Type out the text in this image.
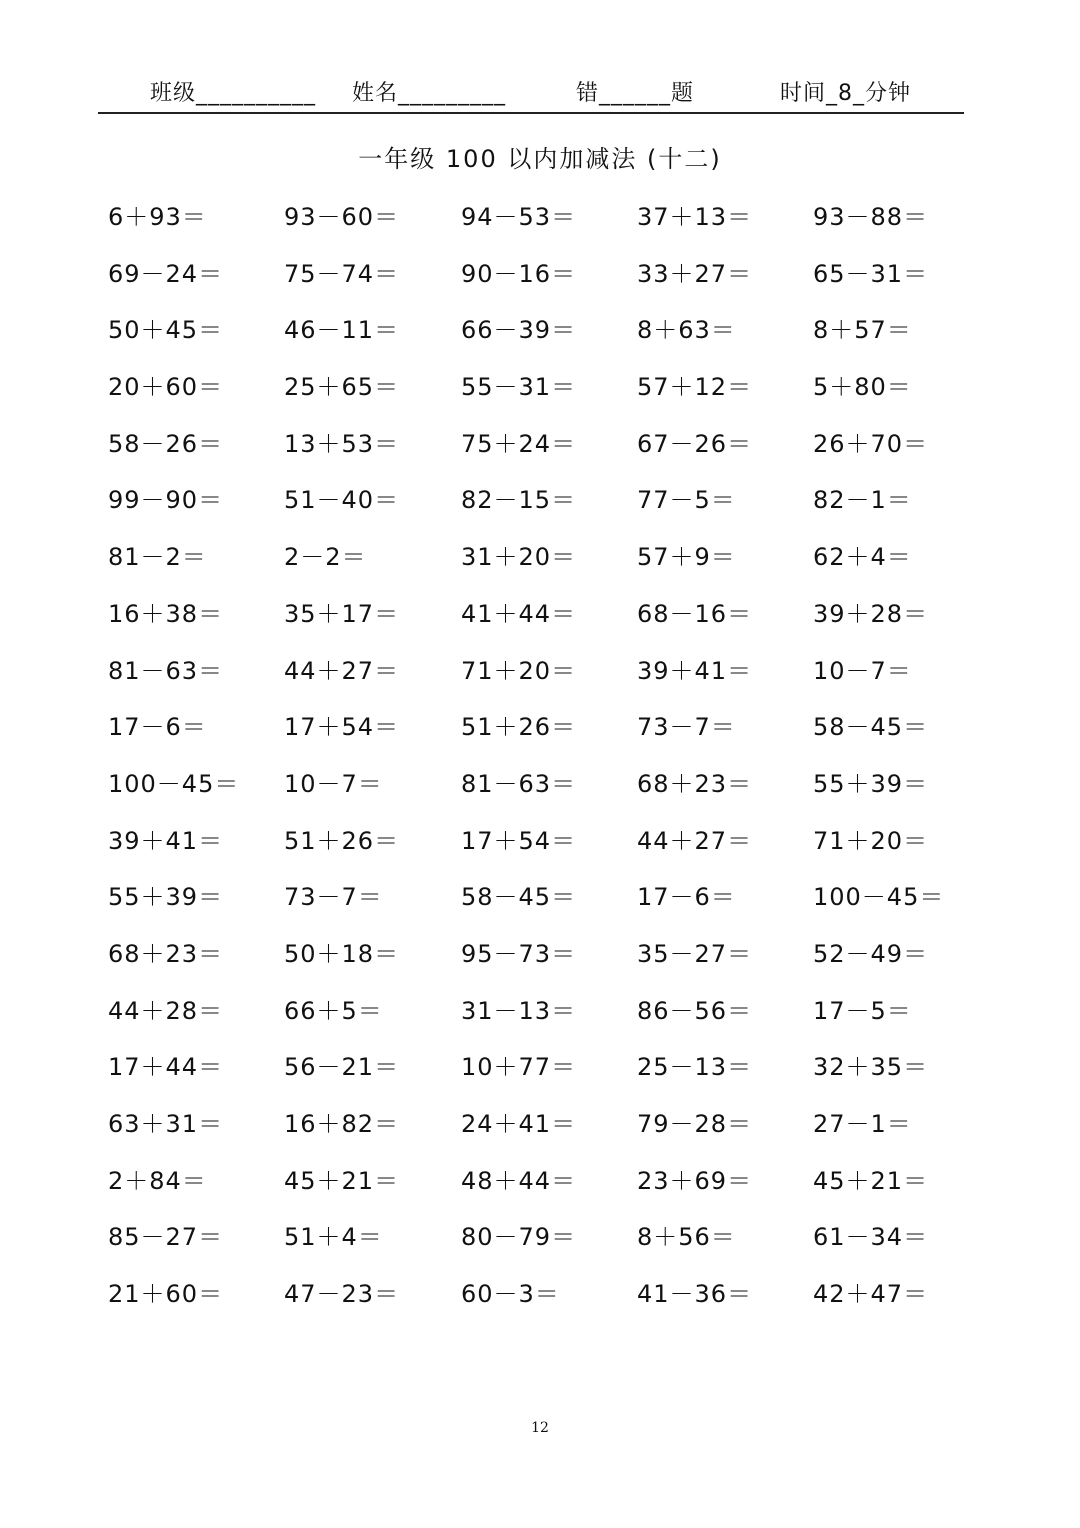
班级__________ 姓名_________	错______题	时间_8_分钟
一年级 100 以内加减法 (十二)
6＋93＝	93－60＝	94－53＝	37＋13＝	93－88＝
69－24＝	75－74＝	90－16＝	33＋27＝	65－31＝
50＋45＝	46－11＝	66－39＝	8＋63＝	8＋57＝
20＋60＝	25＋65＝	55－31＝	57＋12＝	5＋80＝
58－26＝	13＋53＝	75＋24＝	67－26＝	26＋70＝
99－90＝	51－40＝	82－15＝	77－5＝	82－1＝
81－2＝	2－2＝	31＋20＝	57＋9＝	62＋4＝
16＋38＝	35＋17＝	41＋44＝	68－16＝	39＋28＝
81－63＝	44＋27＝	71＋20＝	39＋41＝	10－7＝
17－6＝	17＋54＝	51＋26＝	73－7＝	58－45＝
100－45＝ 10－7＝	81－63＝	68＋23＝	55＋39＝
39＋41＝	51＋26＝	17＋54＝	44＋27＝	71＋20＝
55＋39＝	73－7＝	58－45＝	17－6＝	100－45＝
68＋23＝	50＋18＝	95－73＝	35－27＝	52－49＝
44＋28＝	66＋5＝	31－13＝	86－56＝	17－5＝
17＋44＝	56－21＝	10＋77＝	25－13＝	32＋35＝
63＋31＝	16＋82＝	24＋41＝	79－28＝	27－1＝
2＋84＝	45＋21＝	48＋44＝	23＋69＝	45＋21＝
85－27＝	51＋4＝	80－79＝	8＋56＝	61－34＝
21＋60＝	47－23＝	60－3＝	41－36＝	42＋47＝
12
